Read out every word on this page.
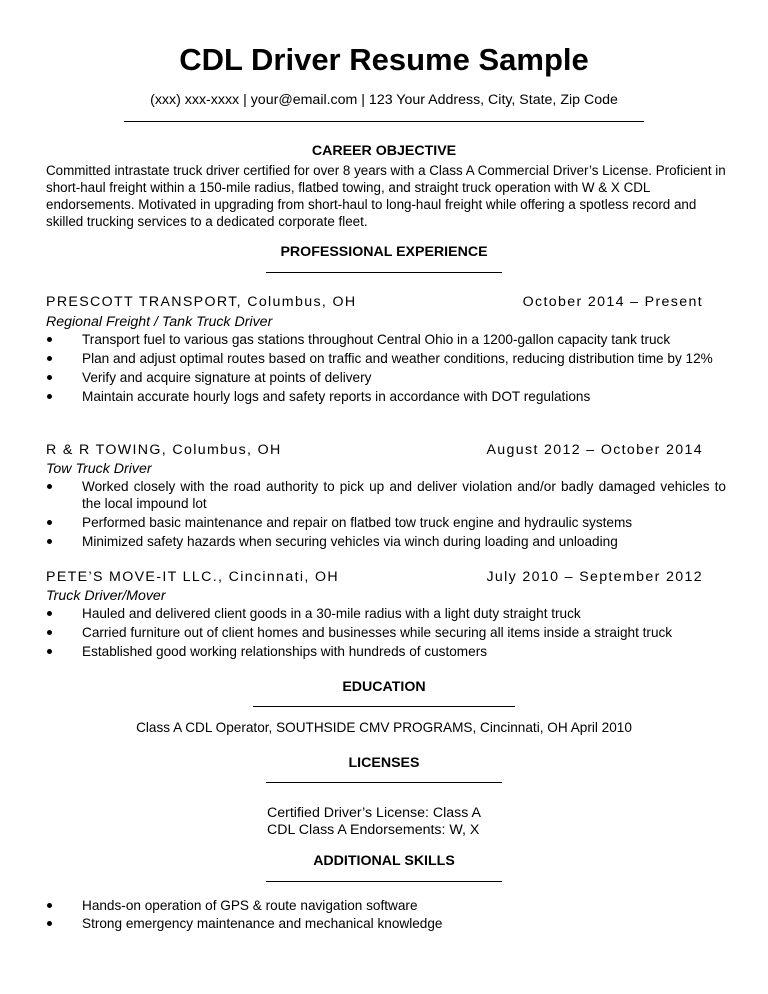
CDL Driver Resume Sample
(xxx) xxx-xxxx | your@email.com | 123 Your Address, City, State, Zip Code
CAREER OBJECTIVE

Committed intrastate truck driver certified for over 8 years with a Class A Commercial Driver’s License. Proficient in short-haul freight within a 150-mile radius, flatbed towing, and straight truck operation with W & X CDL endorsements. Motivated in upgrading from short-haul to long-haul freight while offering a spotless record and skilled trucking services to a dedicated corporate fleet.

PROFESSIONAL EXPERIENCE
PRESCOTT TRANSPORT, Columbus, OH	October 2014 – Present
Regional Freight / Tank Truck Driver
Transport fuel to various gas stations throughout Central Ohio in a 1200-gallon capacity tank truck
Plan and adjust optimal routes based on traffic and weather conditions, reducing distribution time by 12%
Verify and acquire signature at points of delivery
Maintain accurate hourly logs and safety reports in accordance with DOT regulations
R & R TOWING, Columbus, OH	August 2012 – October 2014
Tow Truck Driver
Worked closely with the road authority to pick up and deliver violation and/or badly damaged vehicles to the local impound lot
Performed basic maintenance and repair on flatbed tow truck engine and hydraulic systems
Minimized safety hazards when securing vehicles via winch during loading and unloading
PETE’S MOVE-IT LLC., Cincinnati, OH	July 2010 – September 2012
Truck Driver/Mover
Hauled and delivered client goods in a 30-mile radius with a light duty straight truck
Carried furniture out of client homes and businesses while securing all items inside a straight truck
Established good working relationships with hundreds of customers
EDUCATION
Class A CDL Operator, SOUTHSIDE CMV PROGRAMS, Cincinnati, OH April 2010
LICENSES
Certified Driver’s License: Class A
CDL Class A Endorsements: W, X
ADDITIONAL SKILLS
Hands-on operation of GPS & route navigation software
Strong emergency maintenance and mechanical knowledge
